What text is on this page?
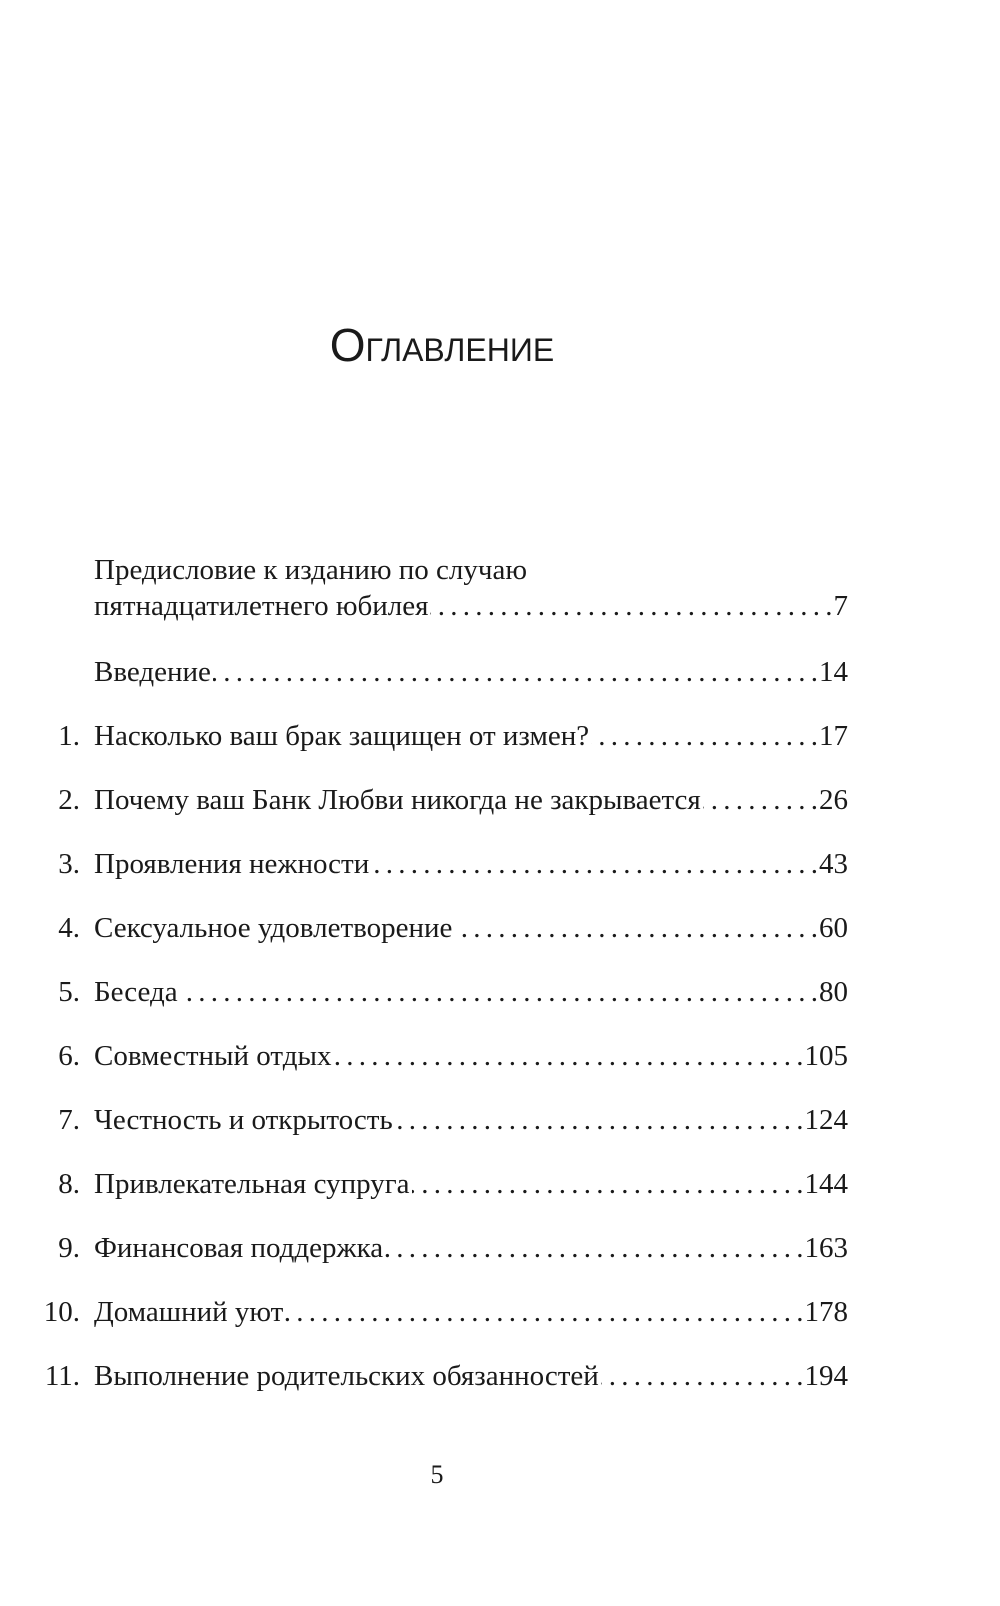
Оглавление
Предисловие к изданию по случаю
пятнадцатилетнего юбилея . . .	7
Введение . . .	14
1. Насколько ваш брак защищен от измен? . . .	17
2. Почему ваш Банк Любви никогда не закрывается . . .	26
3. Проявления нежности . . .	43
4. Сексуальное удовлетворение . . .	60
5. Беседа . . .	80
6. Совместный отдых . . .	105
7. Честность и открытость . . .	124
8. Привлекательная супруга . . .	144
9. Финансовая поддержка . . .	163
10. Домашний уют . . .	178
11. Выполнение родительских обязанностей . . .	194
5
